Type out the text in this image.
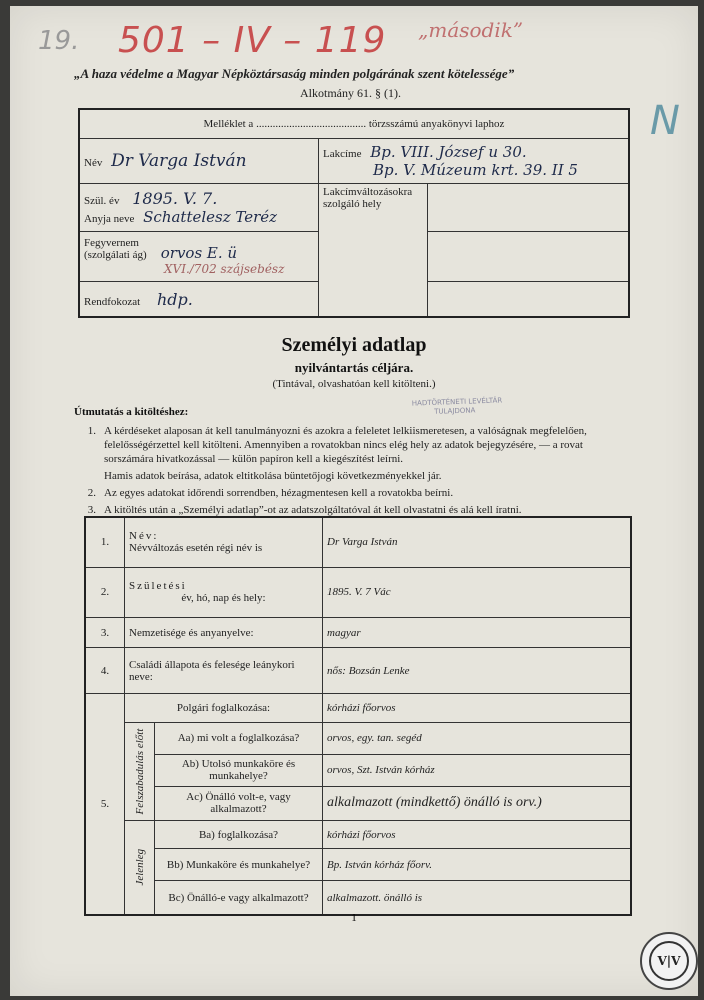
19. 501 – IV – 119 „második”
„A haza védelme a Magyar Népköztársaság minden polgárának szent kötelessége”
Alkotmány 61. § (1).
N
Melléklet a ........................................ törzsszámú anyakönyvi laphoz		
Név Dr Varga István	Lakcíme Bp. VIII. József u 30.
Bp. V. Múzeum krt. 39. II 5	

Szül. év 1895. V. 7.
Anyja neve Schattelesz Teréz	Lakcímváltozásokra szolgáló hely	
Fegyvernem (szolgálati ág) orvos E. ü
XVI./702 szájsebész		
Rendfokozat hdp.		
Személyi adatlap
nyilvántartás céljára.
(Tintával, olvashatóan kell kitölteni.)
HADTÖRTÉNETI LEVÉLTÁR
TULAJDONA
Útmutatás a kitöltéshez:
1. A kérdéseket alaposan át kell tanulmányozni és azokra a feleletet lelkiismeretesen, a valóságnak megfelelően, felelősségérzettel kell kitölteni. Amennyiben a rovatokban nincs elég hely az adatok bejegyzésére, — a rovat sorszámára hivatkozással — külön papíron kell a kiegészítést leírni.
Hamis adatok beírása, adatok eltitkolása büntetőjogi következményekkel jár.
2. Az egyes adatokat időrendi sorrendben, hézagmentesen kell a rovatokba beírni.
3. A kitöltés után a „Személyi adatlap”-ot az adatszolgáltatóval át kell olvastatni és alá kell íratni.
1.	Név:
Névváltozás esetén régi név is		Dr Varga István
2.	Születési
év, hó, nap és hely:		1895. V. 7 Vác
3.	Nemzetisége és anyanyelve:		magyar
4.	Családi állapota és felesége leánykori neve:		nős: Bozsán Lenke
5.	Polgári foglalkozása:		kórházi főorvos
	Felszabadulás előtt	Aa) mi volt a foglalkozása?	orvos, egy. tan. segéd
		Ab) Utolsó munkaköre és munkahelye?	orvos, Szt. István kórház
		Ac) Önálló volt-e, vagy alkalmazott?	alkalmazott (mindkettő) önálló is orv.)
	Jelenleg	Ba) foglalkozása?	kórházi főorvos
		Bb) Munkaköre és munkahelye?	Bp. István kórház főorv.
		Bc) Önálló-e vagy alkalmazott?	alkalmazott. önálló is
1
V|V
